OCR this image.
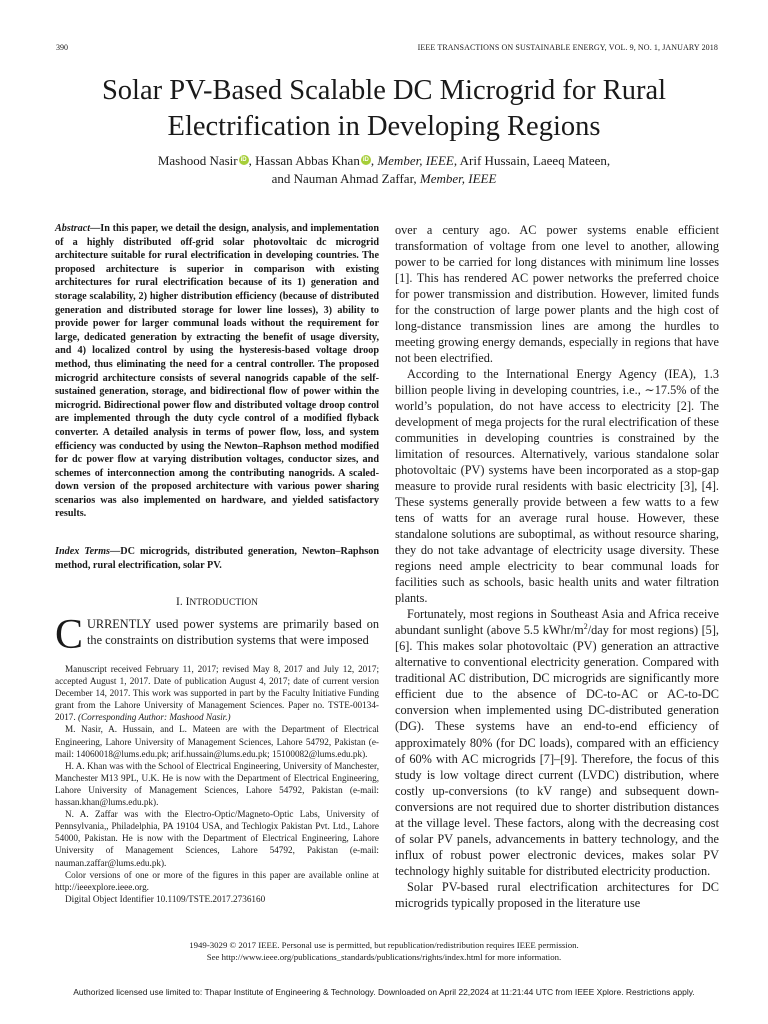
390	IEEE TRANSACTIONS ON SUSTAINABLE ENERGY, VOL. 9, NO. 1, JANUARY 2018
Solar PV-Based Scalable DC Microgrid for Rural
Electrification in Developing Regions
Mashood Nasir iD , Hassan Abbas Khan iD , Member, IEEE, Arif Hussain, Laeeq Mateen,
and Nauman Ahmad Zaffar, Member, IEEE
Abstract—In this paper, we detail the design, analysis, and implementation of a highly distributed off-grid solar photovoltaic dc microgrid architecture suitable for rural electrification in developing countries. The proposed architecture is superior in comparison with existing architectures for rural electrification because of its 1) generation and storage scalability, 2) higher distribution efficiency (because of distributed generation and distributed storage for lower line losses), 3) ability to provide power for larger communal loads without the requirement for large, dedicated generation by extracting the benefit of usage diversity, and 4) localized control by using the hysteresis-based voltage droop method, thus eliminating the need for a central controller. The proposed microgrid architecture consists of several nanogrids capable of the self-sustained generation, storage, and bidirectional flow of power within the microgrid. Bidirectional power flow and distributed voltage droop control are implemented through the duty cycle control of a modified flyback converter. A detailed analysis in terms of power flow, loss, and system efficiency was conducted by using the Newton–Raphson method modified for dc power flow at varying distribution voltages, conductor sizes, and schemes of interconnection among the contributing nanogrids. A scaled-down version of the proposed architecture with various power sharing scenarios was also implemented on hardware, and yielded satisfactory results.
Index Terms—DC microgrids, distributed generation, Newton–Raphson method, rural electrification, solar PV.
I. INTRODUCTION
CURRENTLY used power systems are primarily based on the constraints on distribution systems that were imposed

Manuscript received February 11, 2017; revised May 8, 2017 and July 12, 2017; accepted August 1, 2017. Date of publication August 4, 2017; date of current version December 14, 2017. This work was supported in part by the Faculty Initiative Funding grant from the Lahore University of Management Sciences. Paper no. TSTE-00134-2017. (Corresponding Author: Mashood Nasir.)

M. Nasir, A. Hussain, and L. Mateen are with the Department of Electrical Engineering, Lahore University of Management Sciences, Lahore 54792, Pakistan (e-mail: 14060018@lums.edu.pk; arif.hussain@lums.edu.pk; 15100082@lums.edu.pk).

H. A. Khan was with the School of Electrical Engineering, University of Manchester, Manchester M13 9PL, U.K. He is now with the Department of Electrical Engineering, Lahore University of Management Sciences, Lahore 54792, Pakistan (e-mail: hassan.khan@lums.edu.pk).

N. A. Zaffar was with the Electro-Optic/Magneto-Optic Labs, University of Pennsylvania,, Philadelphia, PA 19104 USA, and Techlogix Pakistan Pvt. Ltd., Lahore 54000, Pakistan. He is now with the Department of Electrical Engineering, Lahore University of Management Sciences, Lahore 54792, Pakistan (e-mail: nauman.zaffar@lums.edu.pk).

Color versions of one or more of the figures in this paper are available online at http://ieeexplore.ieee.org.

Digital Object Identifier 10.1109/TSTE.2017.2736160

over a century ago. AC power systems enable efficient transformation of voltage from one level to another, allowing power to be carried for long distances with minimum line losses [1]. This has rendered AC power networks the preferred choice for power transmission and distribution. However, limited funds for the construction of large power plants and the high cost of long-distance transmission lines are among the hurdles to meeting growing energy demands, especially in regions that have not been electrified.

According to the International Energy Agency (IEA), 1.3 billion people living in developing countries, i.e., ∼17.5% of the world’s population, do not have access to electricity [2]. The development of mega projects for the rural electrification of these communities in developing countries is constrained by the limitation of resources. Alternatively, various standalone solar photovoltaic (PV) systems have been incorporated as a stop-gap measure to provide rural residents with basic electricity [3], [4]. These systems generally provide between a few watts to a few tens of watts for an average rural house. However, these standalone solutions are suboptimal, as without resource sharing, they do not take advantage of electricity usage diversity. These regions need ample electricity to bear communal loads for facilities such as schools, basic health units and water filtration plants.

Fortunately, most regions in Southeast Asia and Africa receive abundant sunlight (above 5.5 kWhr/$m^2$/day for most regions) [5], [6]. This makes solar photovoltaic (PV) generation an attractive alternative to conventional electricity generation. Compared with traditional AC distribution, DC microgrids are significantly more efficient due to the absence of DC-to-AC or AC-to-DC conversion when implemented using DC-distributed generation (DG). These systems have an end-to-end efficiency of approximately 80% (for DC loads), compared with an efficiency of 60% with AC microgrids [7]–[9]. Therefore, the focus of this study is low voltage direct current (LVDC) distribution, where costly up-conversions (to kV range) and subsequent down-conversions are not required due to shorter distribution distances at the village level. These factors, along with the decreasing cost of solar PV panels, advancements in battery technology, and the influx of robust power electronic devices, makes solar PV technology highly suitable for distributed electricity production.

Solar PV-based rural electrification architectures for DC microgrids typically proposed in the literature use

1949-3029 © 2017 IEEE. Personal use is permitted, but republication/redistribution requires IEEE permission.
See http://www.ieee.org/publications_standards/publications/rights/index.html for more information.
Authorized licensed use limited to: Thapar Institute of Engineering & Technology. Downloaded on April 22,2024 at 11:21:44 UTC from IEEE Xplore. Restrictions apply.
